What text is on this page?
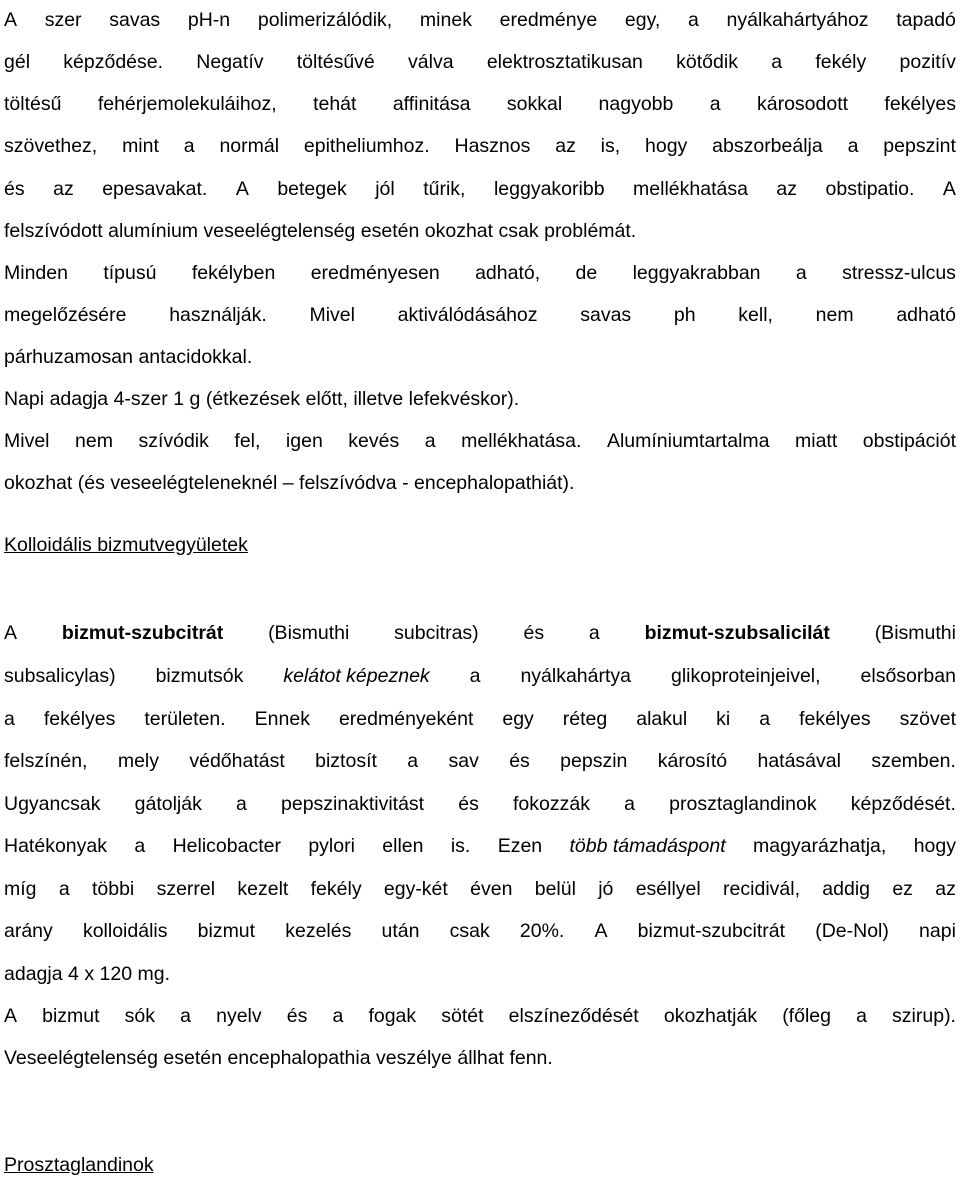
A szer savas pH-n polimerizálódik, minek eredménye egy, a nyálkahártyához tapadó
gél képződése. Negatív töltésűvé válva elektrosztatikusan kötődik a fekély pozitív
töltésű fehérjemolekuláihoz, tehát affinitása sokkal nagyobb a károsodott fekélyes
szövethez, mint a normál epitheliumhoz. Hasznos az is, hogy abszorbeálja a pepszint
és az epesavakat. A betegek jól tűrik, leggyakoribb mellékhatása az obstipatio. A
felszívódott alumínium veseelégtelenség esetén okozhat csak problémát.
Minden típusú fekélyben eredményesen adható, de leggyakrabban a stressz-ulcus
megelőzésére használják. Mivel aktiválódásához savas ph kell, nem adható
párhuzamosan antacidokkal.
Napi adagja 4-szer 1 g (étkezések előtt, illetve lefekvéskor).
Mivel nem szívódik fel, igen kevés a mellékhatása. Alumíniumtartalma miatt obstipációt
okozhat (és veseelégteleneknél – felszívódva - encephalopathiát).
Kolloidális bizmutvegyületek
A bizmut-szubcitrát (Bismuthi subcitras) és a bizmut-szubsalicilát (Bismuthi
subsalicylas) bizmutsók kelátot képeznek a nyálkahártya glikoproteinjeivel, elsősorban
a fekélyes területen. Ennek eredményeként egy réteg alakul ki a fekélyes szövet
felszínén, mely védőhatást biztosít a sav és pepszin károsító hatásával szemben.
Ugyancsak gátolják a pepszinaktivitást és fokozzák a prosztaglandinok képződését.
Hatékonyak a Helicobacter pylori ellen is. Ezen több támadáspont magyarázhatja, hogy
míg a többi szerrel kezelt fekély egy-két éven belül jó eséllyel recidivál, addig ez az
arány kolloidális bizmut kezelés után csak 20%. A bizmut-szubcitrát (De-Nol) napi
adagja 4 x 120 mg.
A bizmut sók a nyelv és a fogak sötét elszíneződését okozhatják (főleg a szirup).
Veseelégtelenség esetén encephalopathia veszélye állhat fenn.
Prosztaglandinok
